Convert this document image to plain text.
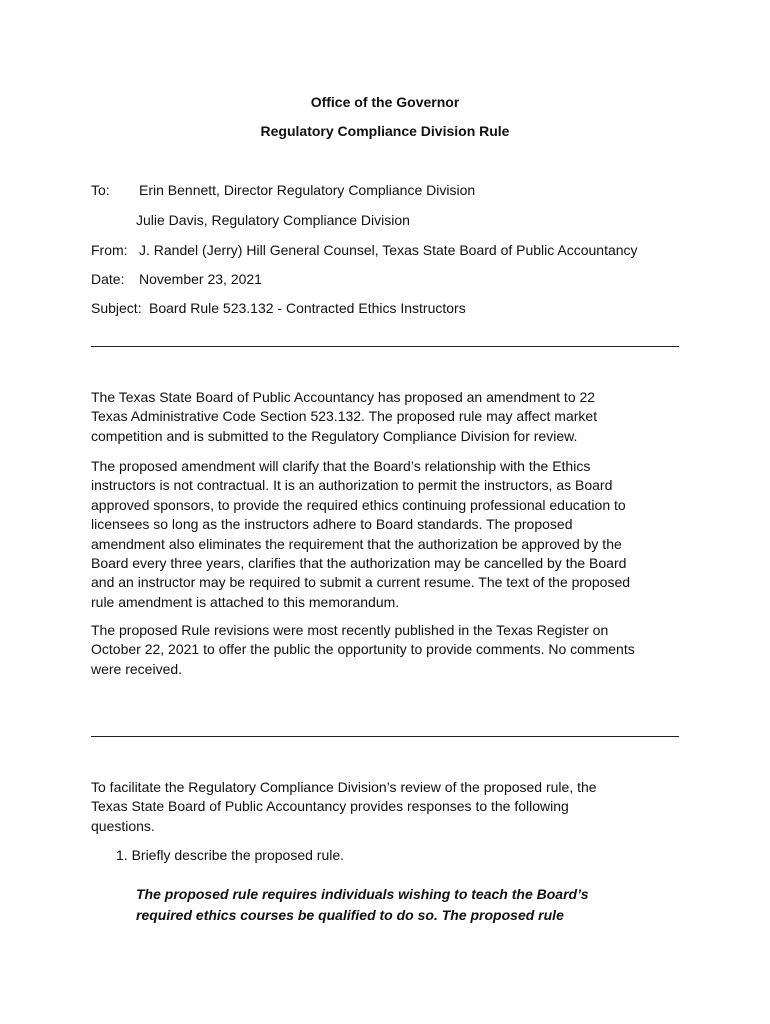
Office of the Governor
Regulatory Compliance Division Rule
To: Erin Bennett, Director Regulatory Compliance Division
Julie Davis, Regulatory Compliance Division
From: J. Randel (Jerry) Hill General Counsel, Texas State Board of Public Accountancy
Date: November 23, 2021
Subject: Board Rule 523.132 - Contracted Ethics Instructors
The Texas State Board of Public Accountancy has proposed an amendment to 22
Texas Administrative Code Section 523.132. The proposed rule may affect market
competition and is submitted to the Regulatory Compliance Division for review.
The proposed amendment will clarify that the Board’s relationship with the Ethics
instructors is not contractual. It is an authorization to permit the instructors, as Board
approved sponsors, to provide the required ethics continuing professional education to
licensees so long as the instructors adhere to Board standards. The proposed
amendment also eliminates the requirement that the authorization be approved by the
Board every three years, clarifies that the authorization may be cancelled by the Board
and an instructor may be required to submit a current resume. The text of the proposed
rule amendment is attached to this memorandum.
The proposed Rule revisions were most recently published in the Texas Register on
October 22, 2021 to offer the public the opportunity to provide comments. No comments
were received.
To facilitate the Regulatory Compliance Division’s review of the proposed rule, the
Texas State Board of Public Accountancy provides responses to the following
questions.
1. Briefly describe the proposed rule.
The proposed rule requires individuals wishing to teach the Board’s
required ethics courses be qualified to do so. The proposed rule
